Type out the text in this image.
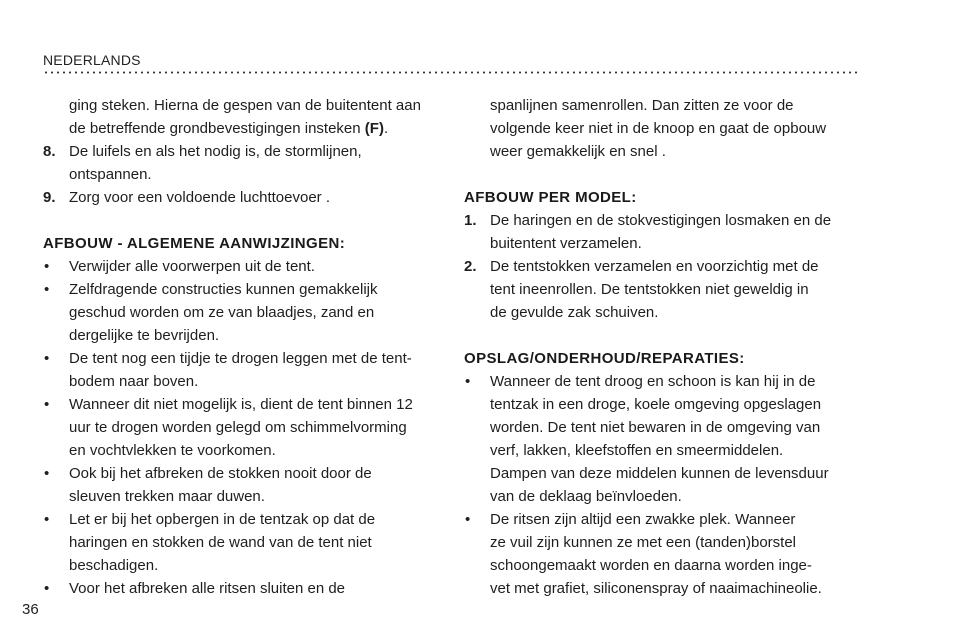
NEDERLANDS
ging steken. Hierna de gespen van de buitentent aan
de betreffende grondbevestigingen insteken (F).
8. De luifels en als het nodig is, de stormlijnen,
ontspannen.
9. Zorg voor een voldoende luchttoevoer .
AFBOUW - ALGEMENE AANWIJZINGEN:
• Verwijder alle voorwerpen uit de tent.
• Zelfdragende constructies kunnen gemakkelijk
geschud worden om ze van blaadjes, zand en
dergelijke te bevrijden.
• De tent nog een tijdje te drogen leggen met de tent-
bodem naar boven.
• Wanneer dit niet mogelijk is, dient de tent binnen 12
uur te drogen worden gelegd om schimmelvorming
en vochtvlekken te voorkomen.
• Ook bij het afbreken de stokken nooit door de
sleuven trekken maar duwen.
• Let er bij het opbergen in de tentzak op dat de
haringen en stokken de wand van de tent niet
beschadigen.
• Voor het afbreken alle ritsen sluiten en de
spanlijnen samenrollen. Dan zitten ze voor de
volgende keer niet in de knoop en gaat de opbouw
weer gemakkelijk en snel .
AFBOUW PER MODEL:
1. De haringen en de stokvestigingen losmaken en de
buitentent verzamelen.
2. De tentstokken verzamelen en voorzichtig met de
tent ineenrollen. De tentstokken niet geweldig in
de gevulde zak schuiven.
OPSLAG/ONDERHOUD/REPARATIES:
• Wanneer de tent droog en schoon is kan hij in de
tentzak in een droge, koele omgeving opgeslagen
worden. De tent niet bewaren in de omgeving van
verf, lakken, kleefstoffen en smeermiddelen.
Dampen van deze middelen kunnen de levensduur
van de deklaag beïnvloeden.
• De ritsen zijn altijd een zwakke plek. Wanneer
ze vuil zijn kunnen ze met een (tanden)borstel
schoongemaakt worden en daarna worden inge-
vet met grafiet, siliconenspray of naaimachineolie.
36
